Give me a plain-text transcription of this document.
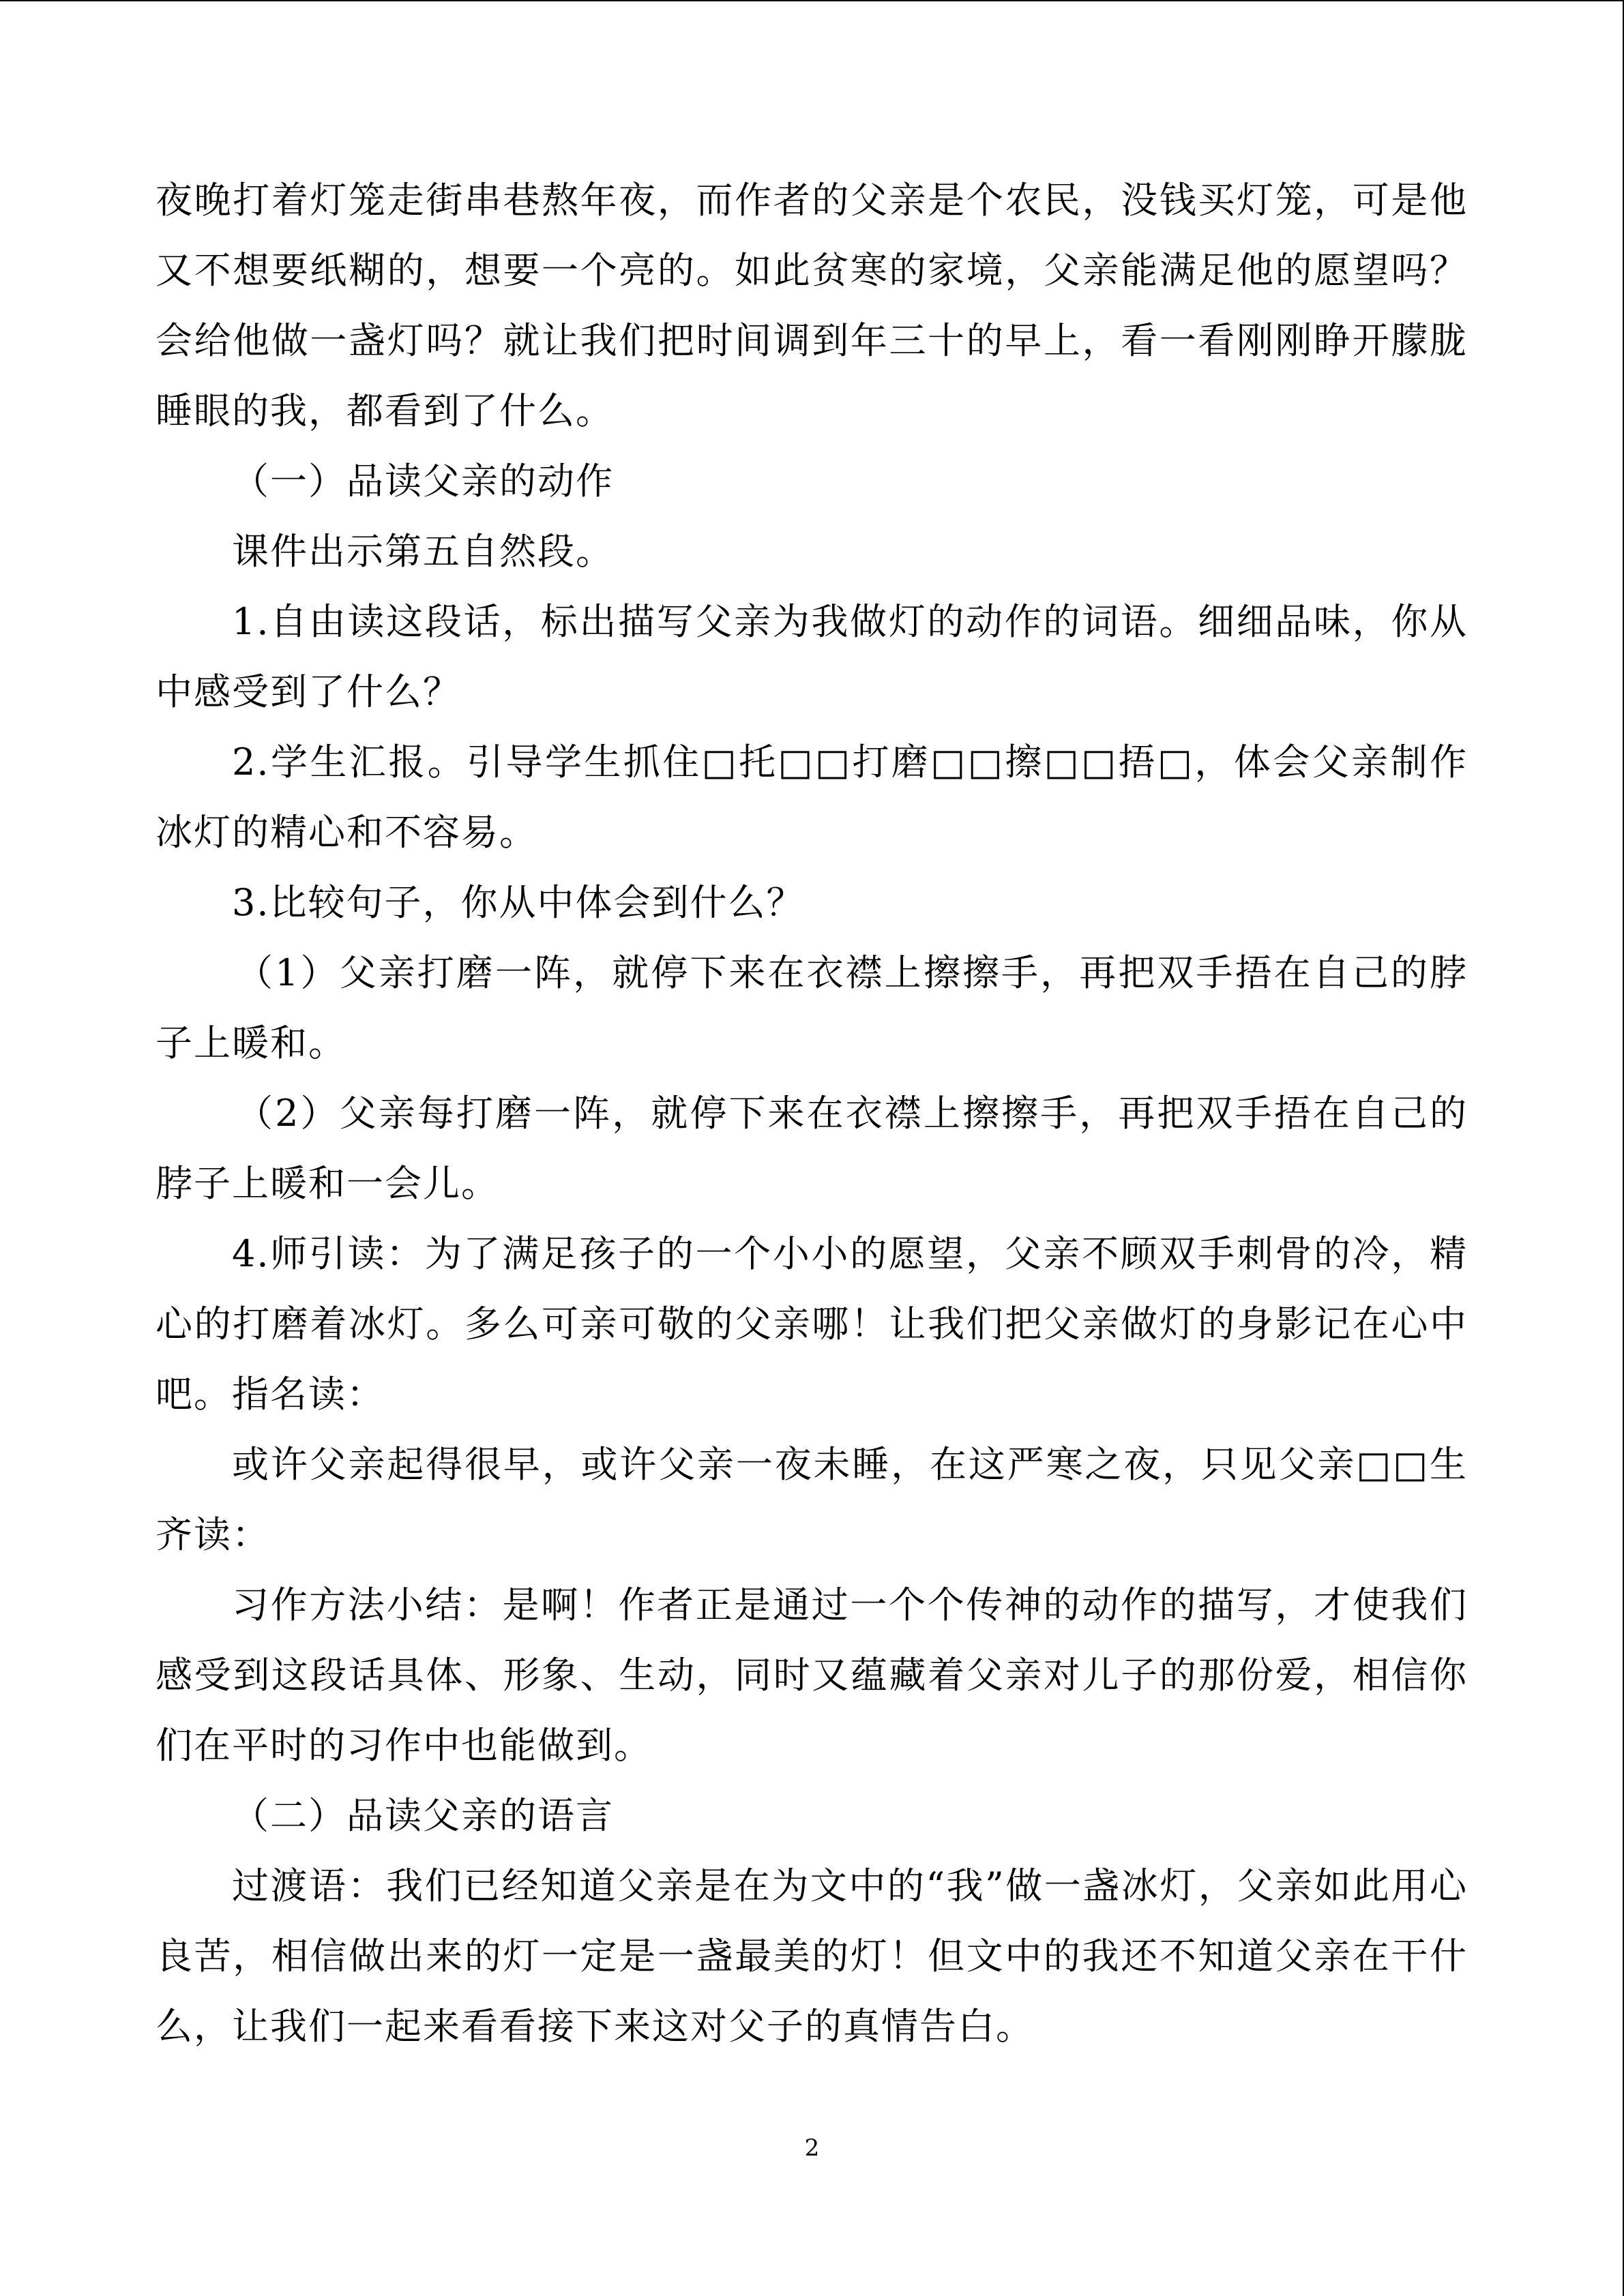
夜晚打着灯笼走街串巷熬年夜，而作者的父亲是个农民，没钱买灯笼，可是他又不想要纸糊的，想要一个亮的。如此贫寒的家境，父亲能满足他的愿望吗？会给他做一盏灯吗？就让我们把时间调到年三十的早上，看一看刚刚睁开朦胧睡眼的我，都看到了什么。

（一）品读父亲的动作

课件出示第五自然段。

1.自由读这段话，标出描写父亲为我做灯的动作的词语。细细品味，你从中感受到了什么？

2.学生汇报。引导学生抓住□托□□打磨□□擦□□捂□，体会父亲制作冰灯的精心和不容易。

3.比较句子，你从中体会到什么？

（1）父亲打磨一阵，就停下来在衣襟上擦擦手，再把双手捂在自己的脖子上暖和。

（2）父亲每打磨一阵，就停下来在衣襟上擦擦手，再把双手捂在自己的脖子上暖和一会儿。

4.师引读：为了满足孩子的一个小小的愿望，父亲不顾双手刺骨的冷，精心的打磨着冰灯。多么可亲可敬的父亲哪！让我们把父亲做灯的身影记在心中吧。指名读：

或许父亲起得很早，或许父亲一夜未睡，在这严寒之夜，只见父亲□□生齐读：

习作方法小结：是啊！作者正是通过一个个传神的动作的描写，才使我们感受到这段话具体、形象、生动，同时又蕴藏着父亲对儿子的那份爱，相信你们在平时的习作中也能做到。

（二）品读父亲的语言

过渡语：我们已经知道父亲是在为文中的“我”做一盏冰灯，父亲如此用心良苦，相信做出来的灯一定是一盏最美的灯！但文中的我还不知道父亲在干什么，让我们一起来看看接下来这对父子的真情告白。

2
